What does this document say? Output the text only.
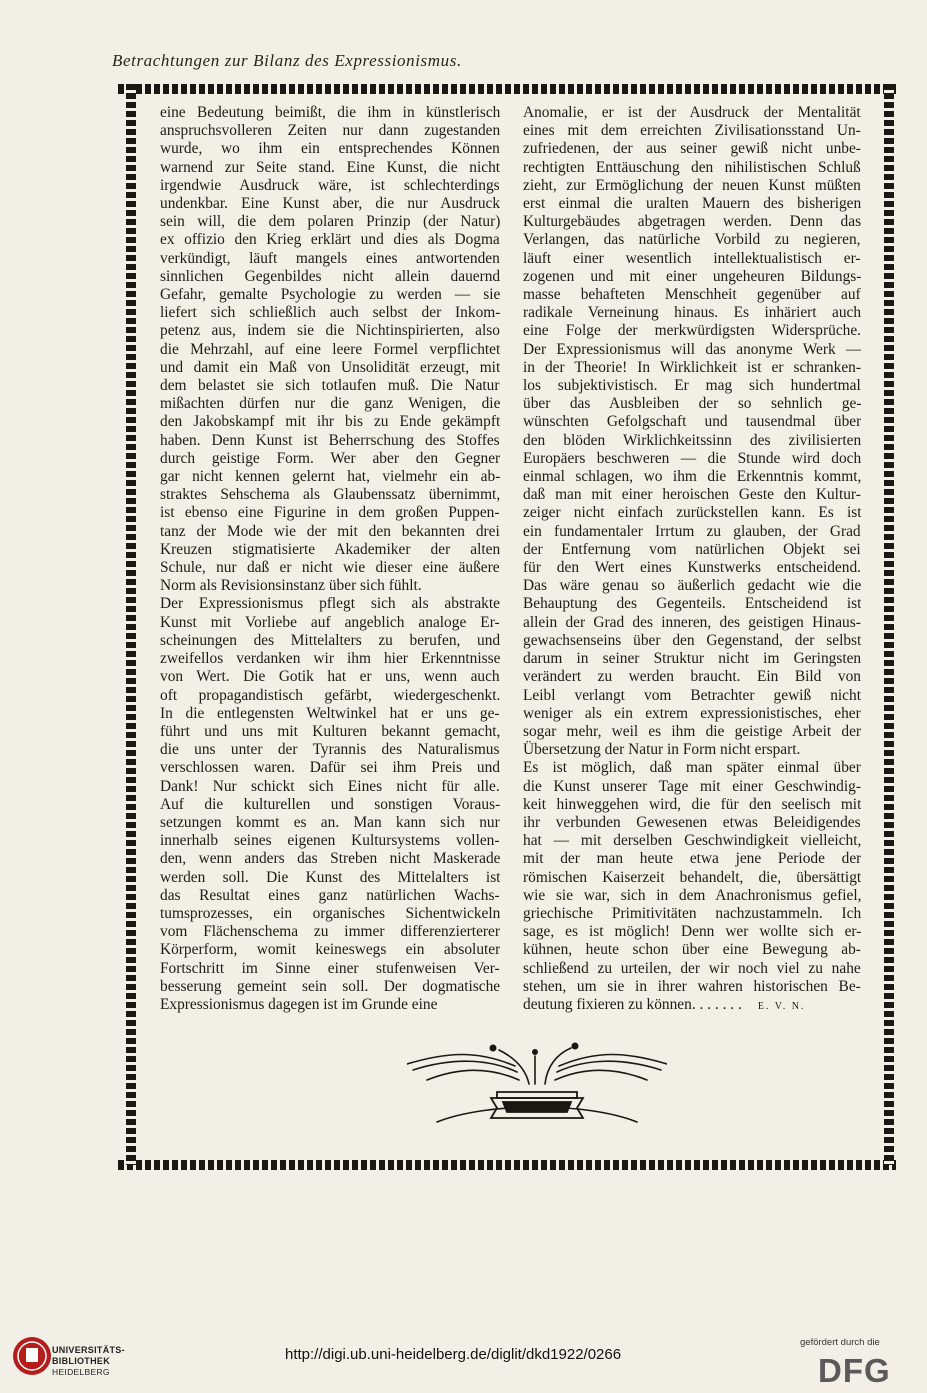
Betrachtungen zur Bilanz des Expressionismus.
eine Bedeutung beimißt, die ihm in künstlerisch
anspruchsvolleren Zeiten nur dann zugestanden
wurde, wo ihm ein entsprechendes Können
warnend zur Seite stand. Eine Kunst, die nicht
irgendwie Ausdruck wäre, ist schlechterdings
undenkbar. Eine Kunst aber, die nur Ausdruck
sein will, die dem polaren Prinzip (der Natur)
ex offizio den Krieg erklärt und dies als Dogma
verkündigt, läuft mangels eines antwortenden
sinnlichen Gegenbildes nicht allein dauernd
Gefahr, gemalte Psychologie zu werden — sie
liefert sich schließlich auch selbst der Inkom-
petenz aus, indem sie die Nichtinspirierten, also
die Mehrzahl, auf eine leere Formel verpflichtet
und damit ein Maß von Unsolidität erzeugt, mit
dem belastet sie sich totlaufen muß. Die Natur
mißachten dürfen nur die ganz Wenigen, die
den Jakobskampf mit ihr bis zu Ende gekämpft
haben. Denn Kunst ist Beherrschung des Stoffes
durch geistige Form. Wer aber den Gegner
gar nicht kennen gelernt hat, vielmehr ein ab-
straktes Sehschema als Glaubenssatz übernimmt,
ist ebenso eine Figurine in dem großen Puppen-
tanz der Mode wie der mit den bekannten drei
Kreuzen stigmatisierte Akademiker der alten
Schule, nur daß er nicht wie dieser eine äußere
Norm als Revisionsinstanz über sich fühlt.
Der Expressionismus pflegt sich als abstrakte
Kunst mit Vorliebe auf angeblich analoge Er-
scheinungen des Mittelalters zu berufen, und
zweifellos verdanken wir ihm hier Erkenntnisse
von Wert. Die Gotik hat er uns, wenn auch
oft propagandistisch gefärbt, wiedergeschenkt.
In die entlegensten Weltwinkel hat er uns ge-
führt und uns mit Kulturen bekannt gemacht,
die uns unter der Tyrannis des Naturalismus
verschlossen waren. Dafür sei ihm Preis und
Dank! Nur schickt sich Eines nicht für alle.
Auf die kulturellen und sonstigen Voraus-
setzungen kommt es an. Man kann sich nur
innerhalb seines eigenen Kultursystems vollen-
den, wenn anders das Streben nicht Maskerade
werden soll. Die Kunst des Mittelalters ist
das Resultat eines ganz natürlichen Wachs-
tumsprozesses, ein organisches Sichentwickeln
vom Flächenschema zu immer differenzierterer
Körperform, womit keineswegs ein absoluter
Fortschritt im Sinne einer stufenweisen Ver-
besserung gemeint sein soll. Der dogmatische
Expressionismus dagegen ist im Grunde eine
Anomalie, er ist der Ausdruck der Mentalität
eines mit dem erreichten Zivilisationsstand Un-
zufriedenen, der aus seiner gewiß nicht unbe-
rechtigten Enttäuschung den nihilistischen Schluß
zieht, zur Ermöglichung der neuen Kunst müßten
erst einmal die uralten Mauern des bisherigen
Kulturgebäudes abgetragen werden. Denn das
Verlangen, das natürliche Vorbild zu negieren,
läuft einer wesentlich intellektualistisch er-
zogenen und mit einer ungeheuren Bildungs-
masse behafteten Menschheit gegenüber auf
radikale Verneinung hinaus. Es inhäriert auch
eine Folge der merkwürdigsten Widersprüche.
Der Expressionismus will das anonyme Werk —
in der Theorie! In Wirklichkeit ist er schranken-
los subjektivistisch. Er mag sich hundertmal
über das Ausbleiben der so sehnlich ge-
wünschten Gefolgschaft und tausendmal über
den blöden Wirklichkeitssinn des zivilisierten
Europäers beschweren — die Stunde wird doch
einmal schlagen, wo ihm die Erkenntnis kommt,
daß man mit einer heroischen Geste den Kultur-
zeiger nicht einfach zurückstellen kann. Es ist
ein fundamentaler Irrtum zu glauben, der Grad
der Entfernung vom natürlichen Objekt sei
für den Wert eines Kunstwerks entscheidend.
Das wäre genau so äußerlich gedacht wie die
Behauptung des Gegenteils. Entscheidend ist
allein der Grad des inneren, des geistigen Hinaus-
gewachsenseins über den Gegenstand, der selbst
darum in seiner Struktur nicht im Geringsten
verändert zu werden braucht. Ein Bild von
Leibl verlangt vom Betrachter gewiß nicht
weniger als ein extrem expressionistisches, eher
sogar mehr, weil es ihm die geistige Arbeit der
Übersetzung der Natur in Form nicht erspart.
Es ist möglich, daß man später einmal über
die Kunst unserer Tage mit einer Geschwindig-
keit hinweggehen wird, die für den seelisch mit
ihr verbunden Gewesenen etwas Beleidigendes
hat — mit derselben Geschwindigkeit vielleicht,
mit der man heute etwa jene Periode der
römischen Kaiserzeit behandelt, die, übersättigt
wie sie war, sich in dem Anachronismus gefiel,
griechische Primitivitäten nachzustammeln. Ich
sage, es ist möglich! Denn wer wollte sich er-
kühnen, heute schon über eine Bewegung ab-
schließend zu urteilen, der wir noch viel zu nahe
stehen, um sie in ihrer wahren historischen Be-
deutung fixieren zu können. . . . . . . E. V. N.
UNIVERSITÄTS-
BIBLIOTHEK
HEIDELBERG
http://digi.ub.uni-heidelberg.de/diglit/dkd1922/0266
gefördert durch die
DFG
